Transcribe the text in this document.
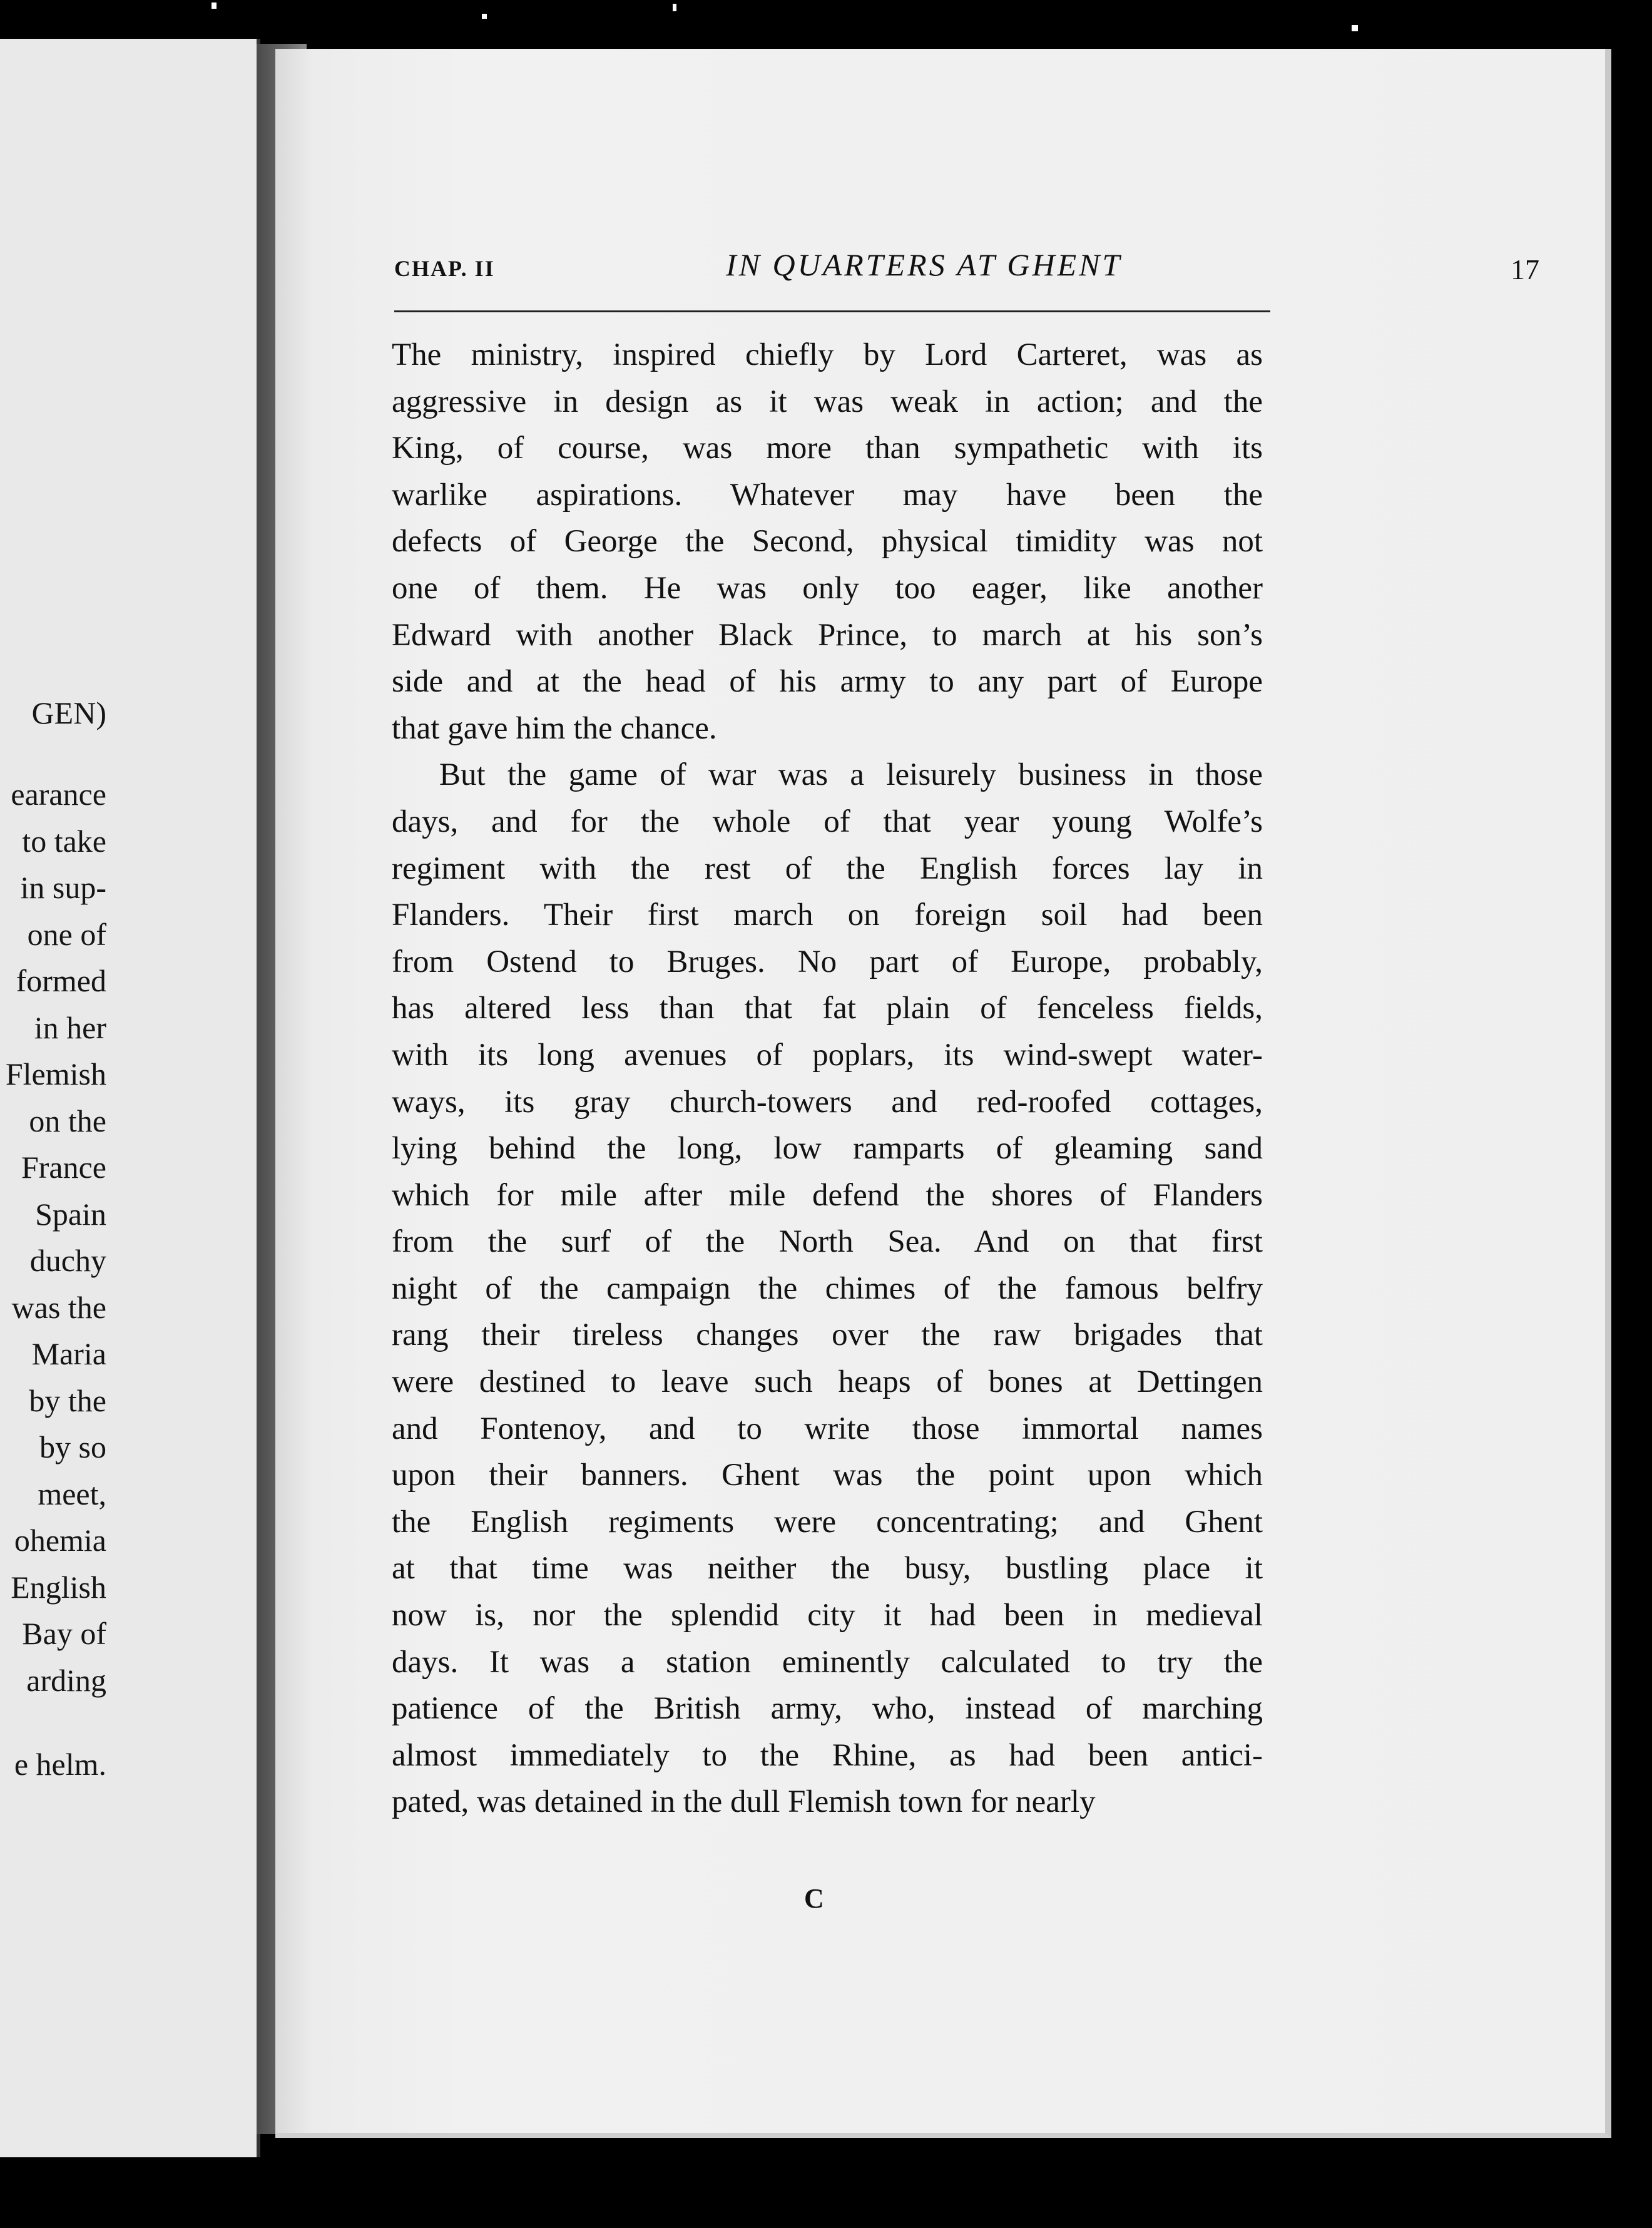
GEN)
earance
to take
in sup-
one of
formed
in her
Flemish
on the
France
Spain
duchy
was the
Maria
by the
by so
meet,
ohemia
English
Bay of
arding
e helm.
CHAP. II	IN QUARTERS AT GHENT	17
The ministry, inspired chiefly by Lord Carteret, was as
aggressive in design as it was weak in action; and the
King, of course, was more than sympathetic with its
warlike aspirations. Whatever may have been the
defects of George the Second, physical timidity was not
one of them. He was only too eager, like another
Edward with another Black Prince, to march at his son’s
side and at the head of his army to any part of Europe
that gave him the chance.
But the game of war was a leisurely business in those
days, and for the whole of that year young Wolfe’s
regiment with the rest of the English forces lay in
Flanders. Their first march on foreign soil had been
from Ostend to Bruges. No part of Europe, probably,
has altered less than that fat plain of fenceless fields,
with its long avenues of poplars, its wind-swept water-
ways, its gray church-towers and red-roofed cottages,
lying behind the long, low ramparts of gleaming sand
which for mile after mile defend the shores of Flanders
from the surf of the North Sea. And on that first
night of the campaign the chimes of the famous belfry
rang their tireless changes over the raw brigades that
were destined to leave such heaps of bones at Dettingen
and Fontenoy, and to write those immortal names
upon their banners. Ghent was the point upon which
the English regiments were concentrating; and Ghent
at that time was neither the busy, bustling place it
now is, nor the splendid city it had been in medieval
days. It was a station eminently calculated to try the
patience of the British army, who, instead of marching
almost immediately to the Rhine, as had been antici-
pated, was detained in the dull Flemish town for nearly
C
